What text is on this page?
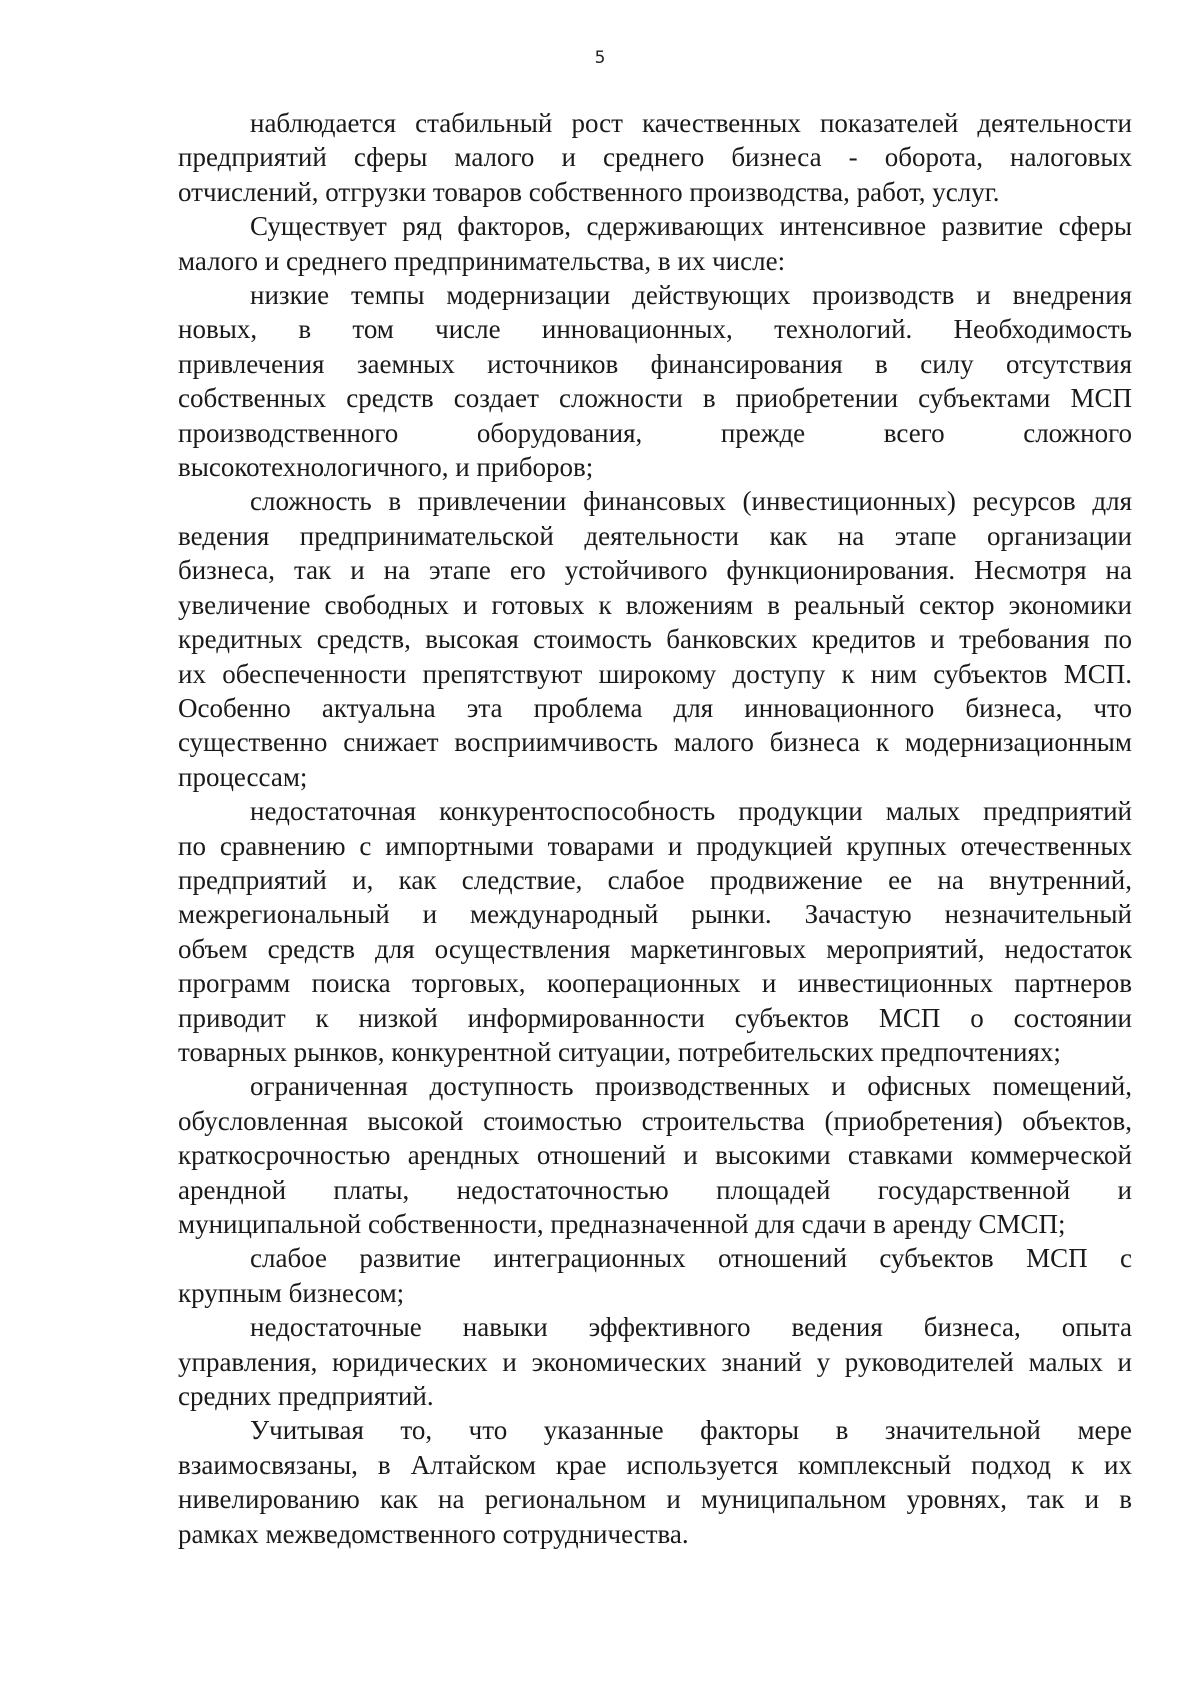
5
наблюдается стабильный рост качественных показателей деятельности
предприятий сферы малого и среднего бизнеса - оборота, налоговых
отчислений, отгрузки товаров собственного производства, работ, услуг.
Существует ряд факторов, сдерживающих интенсивное развитие сферы
малого и среднего предпринимательства, в их числе:
низкие темпы модернизации действующих производств и внедрения
новых, в том числе инновационных, технологий. Необходимость
привлечения заемных источников финансирования в силу отсутствия
собственных средств создает сложности в приобретении субъектами МСП
производственного оборудования, прежде всего сложного
высокотехнологичного, и приборов;
сложность в привлечении финансовых (инвестиционных) ресурсов для
ведения предпринимательской деятельности как на этапе организации
бизнеса, так и на этапе его устойчивого функционирования. Несмотря на
увеличение свободных и готовых к вложениям в реальный сектор экономики
кредитных средств, высокая стоимость банковских кредитов и требования по
их обеспеченности препятствуют широкому доступу к ним субъектов МСП.
Особенно актуальна эта проблема для инновационного бизнеса, что
существенно снижает восприимчивость малого бизнеса к модернизационным
процессам;
недостаточная конкурентоспособность продукции малых предприятий
по сравнению с импортными товарами и продукцией крупных отечественных
предприятий и, как следствие, слабое продвижение ее на внутренний,
межрегиональный и международный рынки. Зачастую незначительный
объем средств для осуществления маркетинговых мероприятий, недостаток
программ поиска торговых, кооперационных и инвестиционных партнеров
приводит к низкой информированности субъектов МСП о состоянии
товарных рынков, конкурентной ситуации, потребительских предпочтениях;
ограниченная доступность производственных и офисных помещений,
обусловленная высокой стоимостью строительства (приобретения) объектов,
краткосрочностью арендных отношений и высокими ставками коммерческой
арендной платы, недостаточностью площадей государственной и
муниципальной собственности, предназначенной для сдачи в аренду СМСП;
слабое развитие интеграционных отношений субъектов МСП с
крупным бизнесом;
недостаточные навыки эффективного ведения бизнеса, опыта
управления, юридических и экономических знаний у руководителей малых и
средних предприятий.
Учитывая то, что указанные факторы в значительной мере
взаимосвязаны, в Алтайском крае используется комплексный подход к их
нивелированию как на региональном и муниципальном уровнях, так и в
рамках межведомственного сотрудничества.
